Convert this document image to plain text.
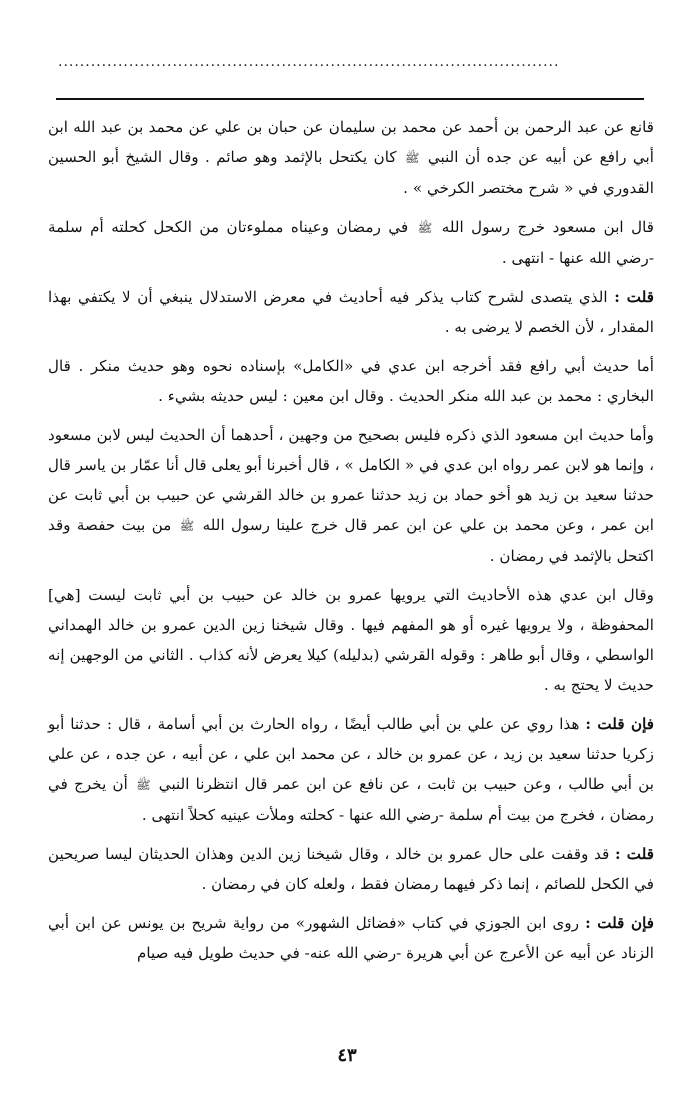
............................................................................................

قانع عن عبد الرحمن بن أحمد عن محمد بن سليمان عن حبان بن علي عن محمد بن عبد الله ابن أبي رافع عن أبيه عن جده أن النبي ﷺ كان يكتحل بالإثمد وهو صائم . وقال الشيخ أبو الحسين القدوري في « شرح مختصر الكرخي » .

قال ابن مسعود خرج رسول الله ﷺ في رمضان وعيناه مملوءتان من الكحل كحلته أم سلمة -رضي الله عنها - انتهى .

قلت : الذي يتصدى لشرح كتاب يذكر فيه أحاديث في معرض الاستدلال ينبغي أن لا يكتفي بهذا المقدار ، لأن الخصم لا يرضى به .

أما حديث أبي رافع فقد أخرجه ابن عدي في «الكامل» بإسناده نحوه وهو حديث منكر . قال البخاري : محمد بن عبد الله منكر الحديث . وقال ابن معين : ليس حديثه بشيء .

وأما حديث ابن مسعود الذي ذكره فليس بصحيح من وجهين ، أحدهما أن الحديث ليس لابن مسعود ، وإنما هو لابن عمر رواه ابن عدي في « الكامل » ، قال أخبرنا أبو يعلى قال أنا عمّار بن ياسر قال حدثنا سعيد بن زيد هو أخو حماد بن زيد حدثنا عمرو بن خالد القرشي عن حبيب بن أبي ثابت عن ابن عمر ، وعن محمد بن علي عن ابن عمر قال خرج علينا رسول الله ﷺ من بيت حفصة وقد اكتحل بالإثمد في رمضان .

وقال ابن عدي هذه الأحاديث التي يرويها عمرو بن خالد عن حبيب بن أبي ثابت ليست [هي] المحفوظة ، ولا يرويها غيره أو هو المفهم فيها . وقال شيخنا زين الدين عمرو بن خالد الهمداني الواسطي ، وقال أبو طاهر : وقوله القرشي (بدليله) كيلا يعرض لأنه كذاب . الثاني من الوجهين إنه حديث لا يحتج به .

فإن قلت : هذا روي عن علي بن أبي طالب أيضًا ، رواه الحارث بن أبي أسامة ، قال : حدثنا أبو زكريا حدثنا سعيد بن زيد ، عن عمرو بن خالد ، عن محمد ابن علي ، عن أبيه ، عن جده ، عن علي بن أبي طالب ، وعن حبيب بن ثابت ، عن نافع عن ابن عمر قال انتظرنا النبي ﷺ أن يخرج في رمضان ، فخرج من بيت أم سلمة -رضي الله عنها - كحلته وملأت عينيه كحلاً انتهى .

قلت : قد وقفت على حال عمرو بن خالد ، وقال شيخنا زين الدين وهذان الحديثان ليسا صريحين في الكحل للصائم ، إنما ذكر فيهما رمضان فقط ، ولعله كان في رمضان .

فإن قلت : روى ابن الجوزي في كتاب «فضائل الشهور» من رواية شريح بن يونس عن ابن أبي الزناد عن أبيه عن الأعرج عن أبي هريرة -رضي الله عنه- في حديث طويل فيه صيام

٤٣
